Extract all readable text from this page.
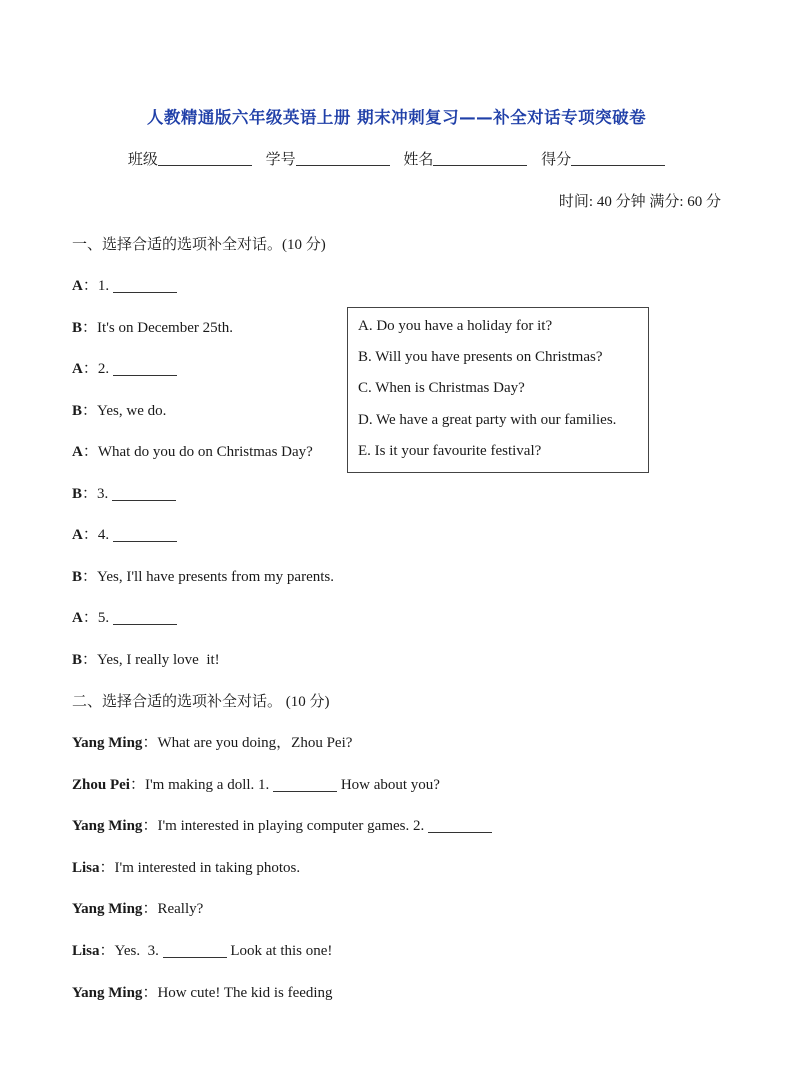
人教精通版六年级英语上册 期末冲刺复习——补全对话专项突破卷
班级	学号	姓名	得分
时间: 40 分钟 满分: 60 分
一、选择合适的选项补全对话。(10 分)
A：1.
B：It's on December 25th.
A：2.
B：Yes, we do.
A：What do you do on Christmas Day?
B：3.
A：4.
B：Yes, I'll have presents from my parents.
A：5.
B：Yes, I really love  it!
A. Do you have a holiday for it?
B. Will you have presents on Christmas?
C. When is Christmas Day?
D. We have a great party with our families.
E. Is it your favourite festival?
二、选择合适的选项补全对话。 (10 分)
Yang Ming：What are you doing，Zhou Pei?
Zhou Pei：I'm making a doll. 1.	How about you?
Yang Ming：I'm interested in playing computer games. 2.
Lisa：I'm interested in taking photos.
Yang Ming：Really?
Lisa：Yes.  3.	Look at this one!
Yang Ming：How cute! The kid is feeding
